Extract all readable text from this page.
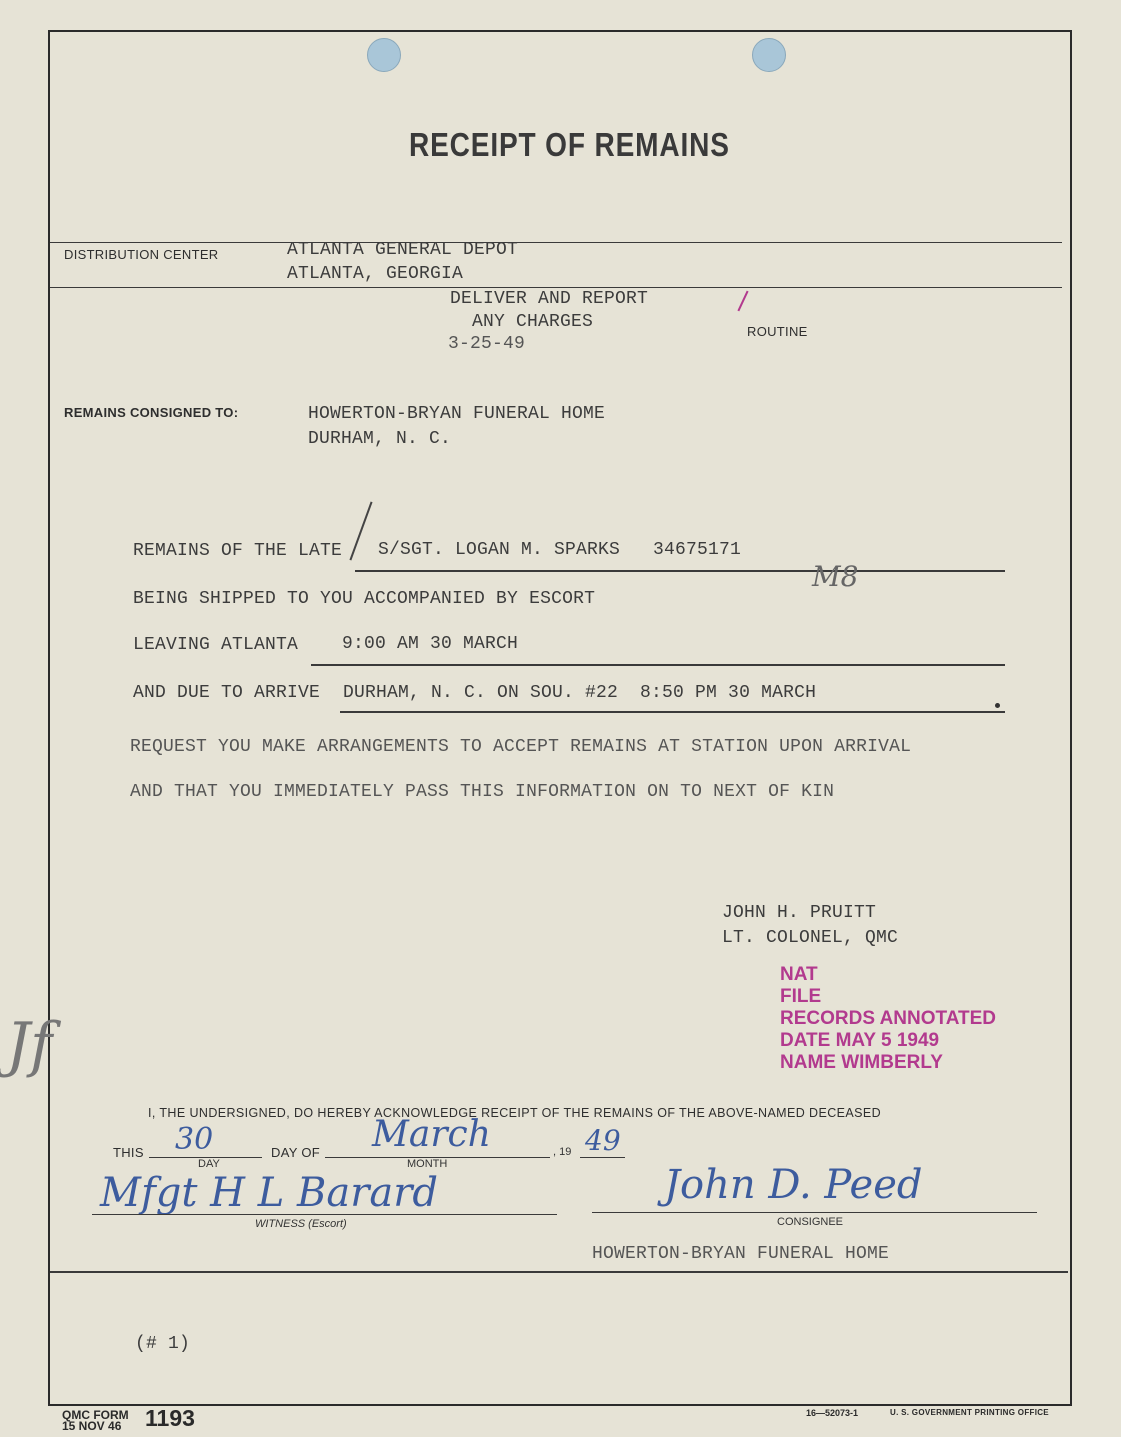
RECEIPT OF REMAINS
DISTRIBUTION CENTER	ATLANTA GENERAL DEPOT
ATLANTA, GEORGIA
DELIVER AND REPORT
ANY CHARGES
3-25-49
ROUTINE
REMAINS CONSIGNED TO:	HOWERTON-BRYAN FUNERAL HOME
DURHAM, N. C.
REMAINS OF THE LATE S/SGT. LOGAN M. SPARKS   34675171
M8
BEING SHIPPED TO YOU ACCOMPANIED BY ESCORT
LEAVING ATLANTA 9:00 AM 30 MARCH
AND DUE TO ARRIVE DURHAM, N. C. ON SOU. #22  8:50 PM 30 MARCH
REQUEST YOU MAKE ARRANGEMENTS TO ACCEPT REMAINS AT STATION UPON ARRIVAL
AND THAT YOU IMMEDIATELY PASS THIS INFORMATION ON TO NEXT OF KIN
JOHN H. PRUITT
LT. COLONEL, QMC
NAT
FILE
RECORDS ANNOTATED
DATE MAY 5 1949
NAME WIMBERLY
Jf
I, THE UNDERSIGNED, DO HEREBY ACKNOWLEDGE RECEIPT OF THE REMAINS OF THE ABOVE-NAMED DECEASED
THIS 30
DAY
DAY OF March
MONTH
, 19 49
Mfgt H L Barard
WITNESS (Escort)
John D. Peed
CONSIGNEE
HOWERTON-BRYAN FUNERAL HOME
(# 1)
QMC FORM
15 NOV 46	1193	16—52073-1	U. S. GOVERNMENT PRINTING OFFICE
